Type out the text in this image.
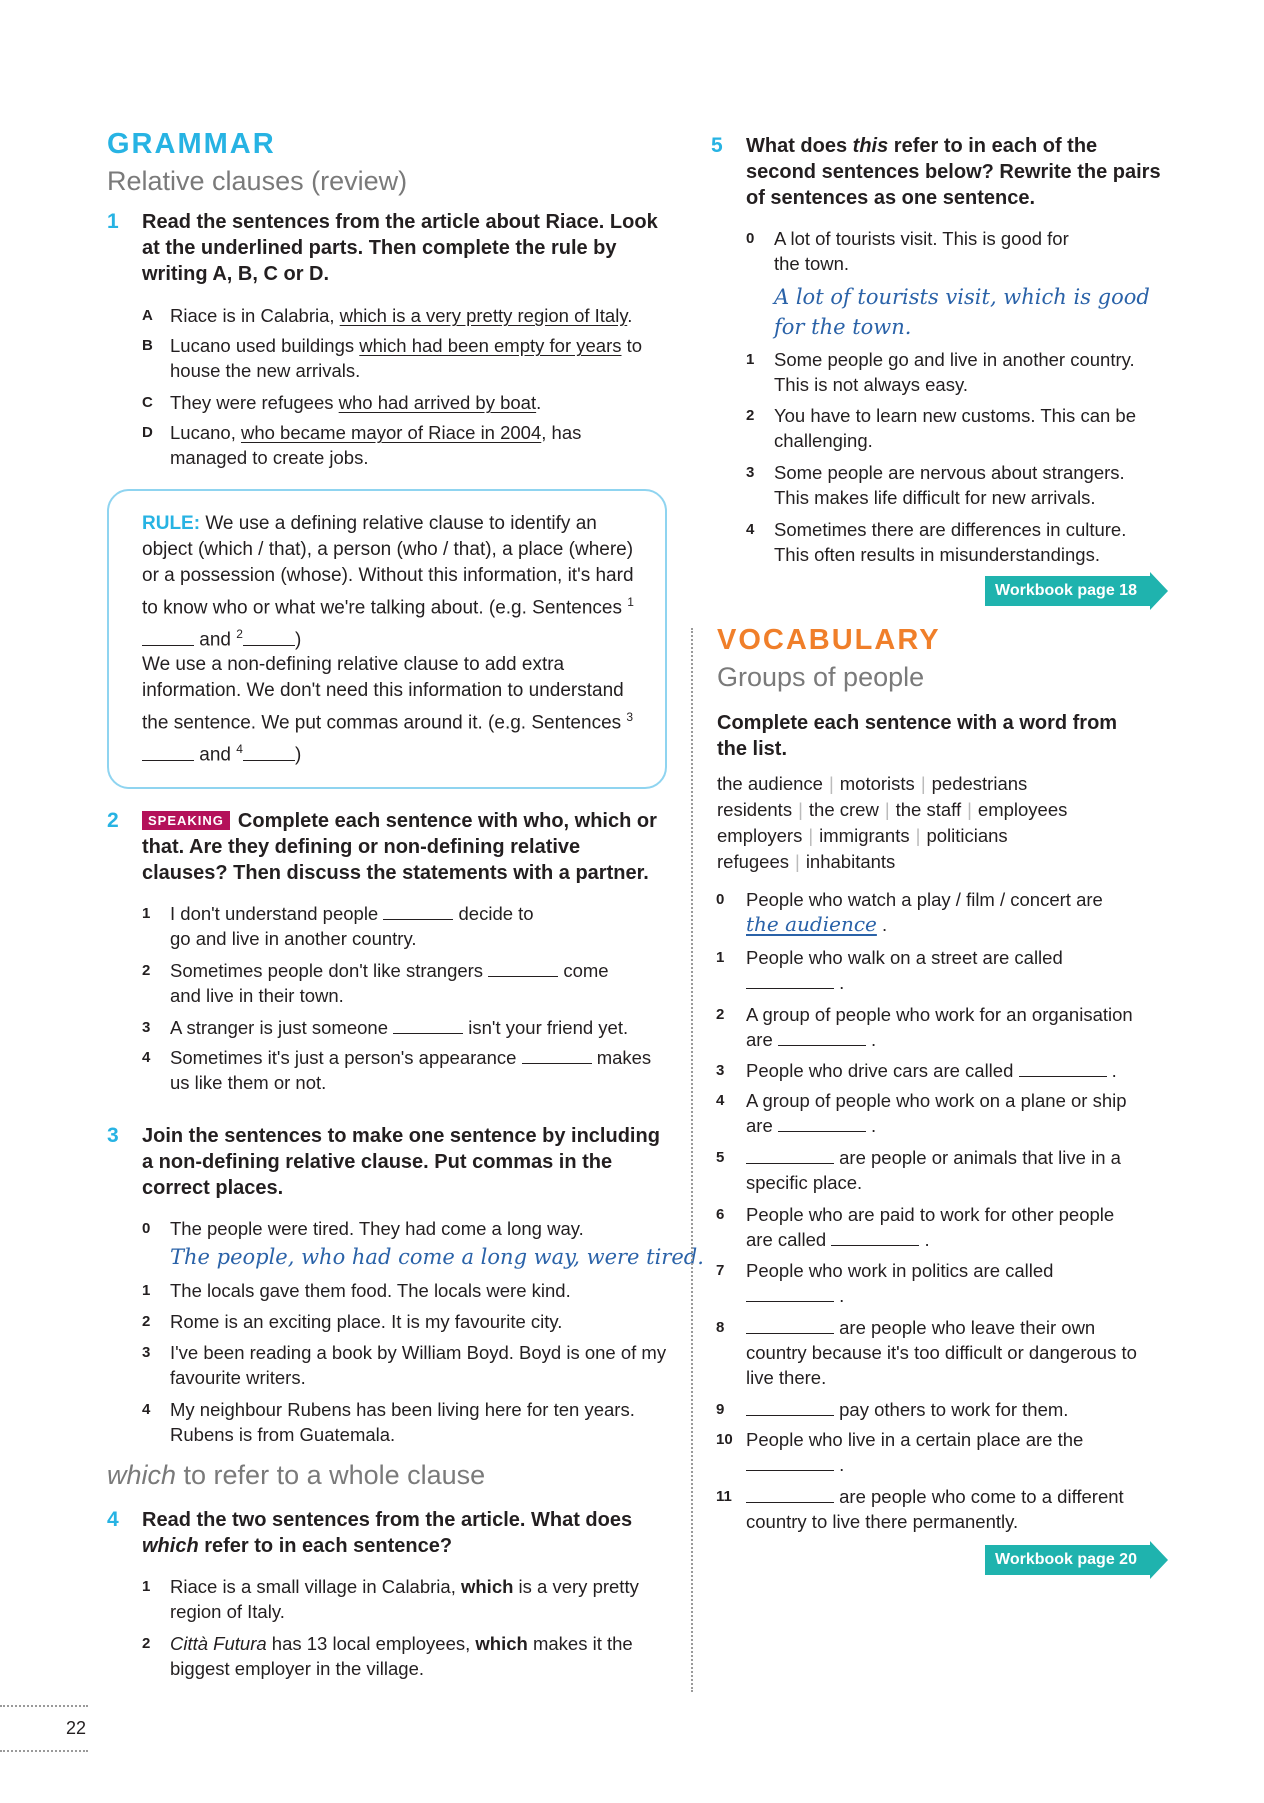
GRAMMAR
Relative clauses (review)
1 Read the sentences from the article about Riace. Look at the underlined parts. Then complete the rule by writing A, B, C or D.
A Riace is in Calabria, which is a very pretty region of Italy.
B Lucano used buildings which had been empty for years to house the new arrivals.
C They were refugees who had arrived by boat.
D Lucano, who became mayor of Riace in 2004, has managed to create jobs.
RULE: We use a defining relative clause to identify an object (which / that), a person (who / that), a place (where) or a possession (whose). Without this information, it's hard to know who or what we're talking about. (e.g. Sentences $^1$ and $^2$	)
We use a non-defining relative clause to add extra information. We don't need this information to understand the sentence. We put commas around it. (e.g. Sentences $^3$ and $^4$	)
2	SPEAKING Complete each sentence with who, which or that. Are they defining or non-defining relative clauses? Then discuss the statements with a partner.
1 I don't understand people	decide to
go and live in another country.
2 Sometimes people don't like strangers	come
and live in their town.
3 A stranger is just someone	isn't your friend yet.
4 Sometimes it's just a person's appearance	makes
us like them or not.
3 Join the sentences to make one sentence by including a non-defining relative clause. Put commas in the correct places.
0 The people were tired. They had come a long way.
The people, who had come a long way, were tired.
1 The locals gave them food. The locals were kind.
2 Rome is an exciting place. It is my favourite city.
3 I've been reading a book by William Boyd. Boyd is one of my favourite writers.
4 My neighbour Rubens has been living here for ten years. Rubens is from Guatemala.
which to refer to a whole clause
4 Read the two sentences from the article. What does which refer to in each sentence?
1 Riace is a small village in Calabria, which is a very pretty region of Italy.
2 Città Futura has 13 local employees, which makes it the biggest employer in the village.
22
5 What does this refer to in each of the second sentences below? Rewrite the pairs of sentences as one sentence.
0 A lot of tourists visit. This is good for the town.
A lot of tourists visit, which is good for the town.
1 Some people go and live in another country. This is not always easy.
2 You have to learn new customs. This can be challenging.
3 Some people are nervous about strangers. This makes life difficult for new arrivals.
4 Sometimes there are differences in culture. This often results in misunderstandings.
Workbook page 18
VOCABULARY
Groups of people
Complete each sentence with a word from the list.
the audience | motorists | pedestrians
residents | the crew | the staff | employees
employers | immigrants | politicians
refugees | inhabitants
0 People who watch a play / film / concert are
the audience .
1 People who walk on a street are called
.
2 A group of people who work for an organisation
are	.
3 People who drive cars are called	.
4 A group of people who work on a plane or ship
are	.
5	are people or animals that live in a
specific place.
6 People who are paid to work for other people
are called	.
7 People who work in politics are called
.
8	are people who leave their own
country because it's too difficult or dangerous to
live there.
9	pay others to work for them.
10 People who live in a certain place are the
.
11	are people who come to a different
country to live there permanently.
Workbook page 20
